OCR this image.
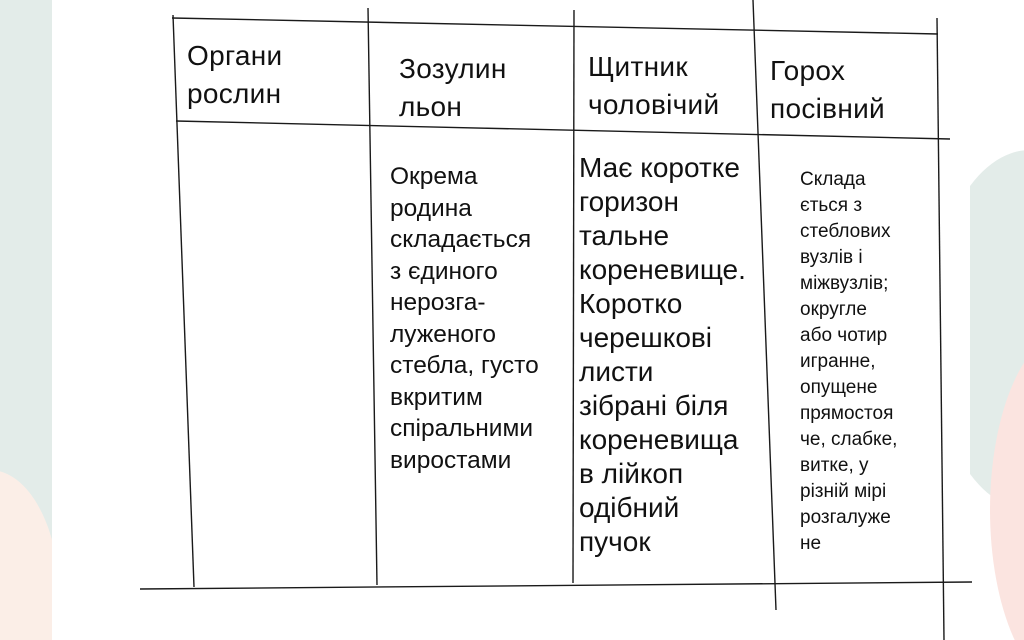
Органи
рослин

Зозулин
льон

Щитник
чоловічий

Горох
посівний

Окрема
родина
складається
з єдиного
нерозга-
луженого
стебла, густо
вкритим
спіральними
виростами

Має коротке
горизон
тальне
кореневище.
Коротко
черешкові
листи
зібрані біля
кореневища
в лійкоп
одібний
пучок

Склада
ється з
стеблових
вузлів і
міжвузлів;
округле
або чотир
игранне,
опущене
прямостоя
че, слабке,
витке, у
різній мірі
розгалуже
не
